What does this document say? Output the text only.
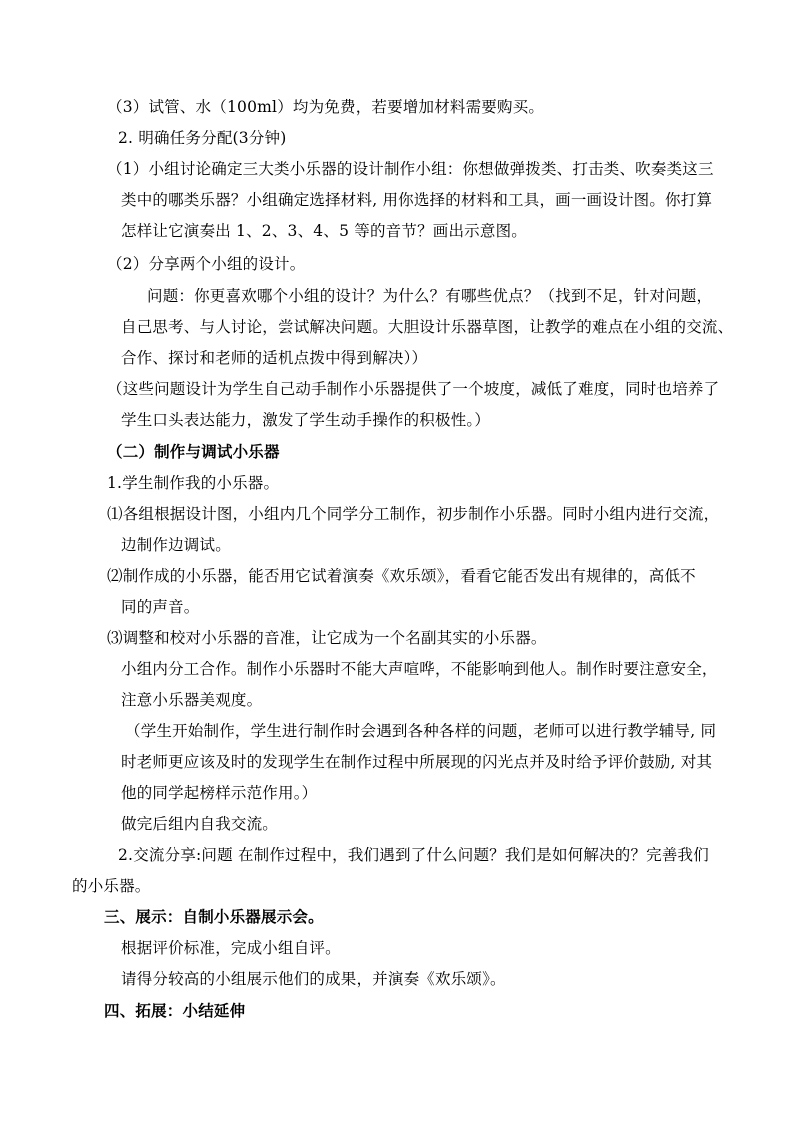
（3）试管、水（100ml）均为免费，若要增加材料需要购买。
2. 明确任务分配(3分钟)
（1）小组讨论确定三大类小乐器的设计制作小组：你想做弹拨类、打击类、吹奏类这三
类中的哪类乐器？小组确定选择材料, 用你选择的材料和工具，画一画设计图。你打算
怎样让它演奏出 1、2、3、4、5 等的音节？画出示意图。
（2）分享两个小组的设计。
问题：你更喜欢哪个小组的设计？为什么？有哪些优点？（找到不足，针对问题，
自己思考、与人讨论，尝试解决问题。大胆设计乐器草图，让教学的难点在小组的交流、
合作、探讨和老师的适机点拨中得到解决））
（这些问题设计为学生自己动手制作小乐器提供了一个坡度，减低了难度，同时也培养了
学生口头表达能力，激发了学生动手操作的积极性。）
（二）制作与调试小乐器
1.学生制作我的小乐器。
⑴各组根据设计图，小组内几个同学分工制作，初步制作小乐器。同时小组内进行交流，
边制作边调试。
⑵制作成的小乐器，能否用它试着演奏《欢乐颂》，看看它能否发出有规律的，高低不
同的声音。
⑶调整和校对小乐器的音准，让它成为一个名副其实的小乐器。
小组内分工合作。制作小乐器时不能大声喧哗，不能影响到他人。制作时要注意安全，
注意小乐器美观度。
（学生开始制作，学生进行制作时会遇到各种各样的问题，老师可以进行教学辅导, 同
时老师更应该及时的发现学生在制作过程中所展现的闪光点并及时给予评价鼓励, 对其
他的同学起榜样示范作用。）
做完后组内自我交流。
2.交流分享:问题 在制作过程中，我们遇到了什么问题？我们是如何解决的？完善我们
的小乐器。
三、展示：自制小乐器展示会。
根据评价标准，完成小组自评。
请得分较高的小组展示他们的成果，并演奏《欢乐颂》。
四、拓展：小结延伸
